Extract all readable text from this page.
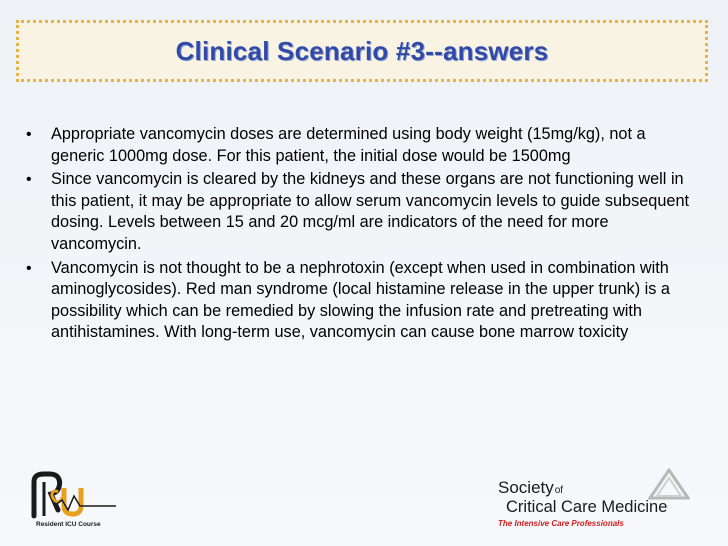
Clinical Scenario #3--answers
• Appropriate vancomycin doses are determined using body weight (15mg/kg), not a generic 1000mg dose. For this patient, the initial dose would be 1500mg
• Since vancomycin is cleared by the kidneys and these organs are not functioning well in this patient, it may be appropriate to allow serum vancomycin levels to guide subsequent dosing. Levels between 15 and 20 mcg/ml are indicators of the need for more vancomycin.
• Vancomycin is not thought to be a nephrotoxin (except when used in combination with aminoglycosides). Red man syndrome (local histamine release in the upper trunk) is a possibility which can be remedied by slowing the infusion rate and pretreating with antihistamines. With long-term use, vancomycin can cause bone marrow toxicity
Resident ICU Course
Societyof
Critical Care Medicine
The Intensive Care Professionals
